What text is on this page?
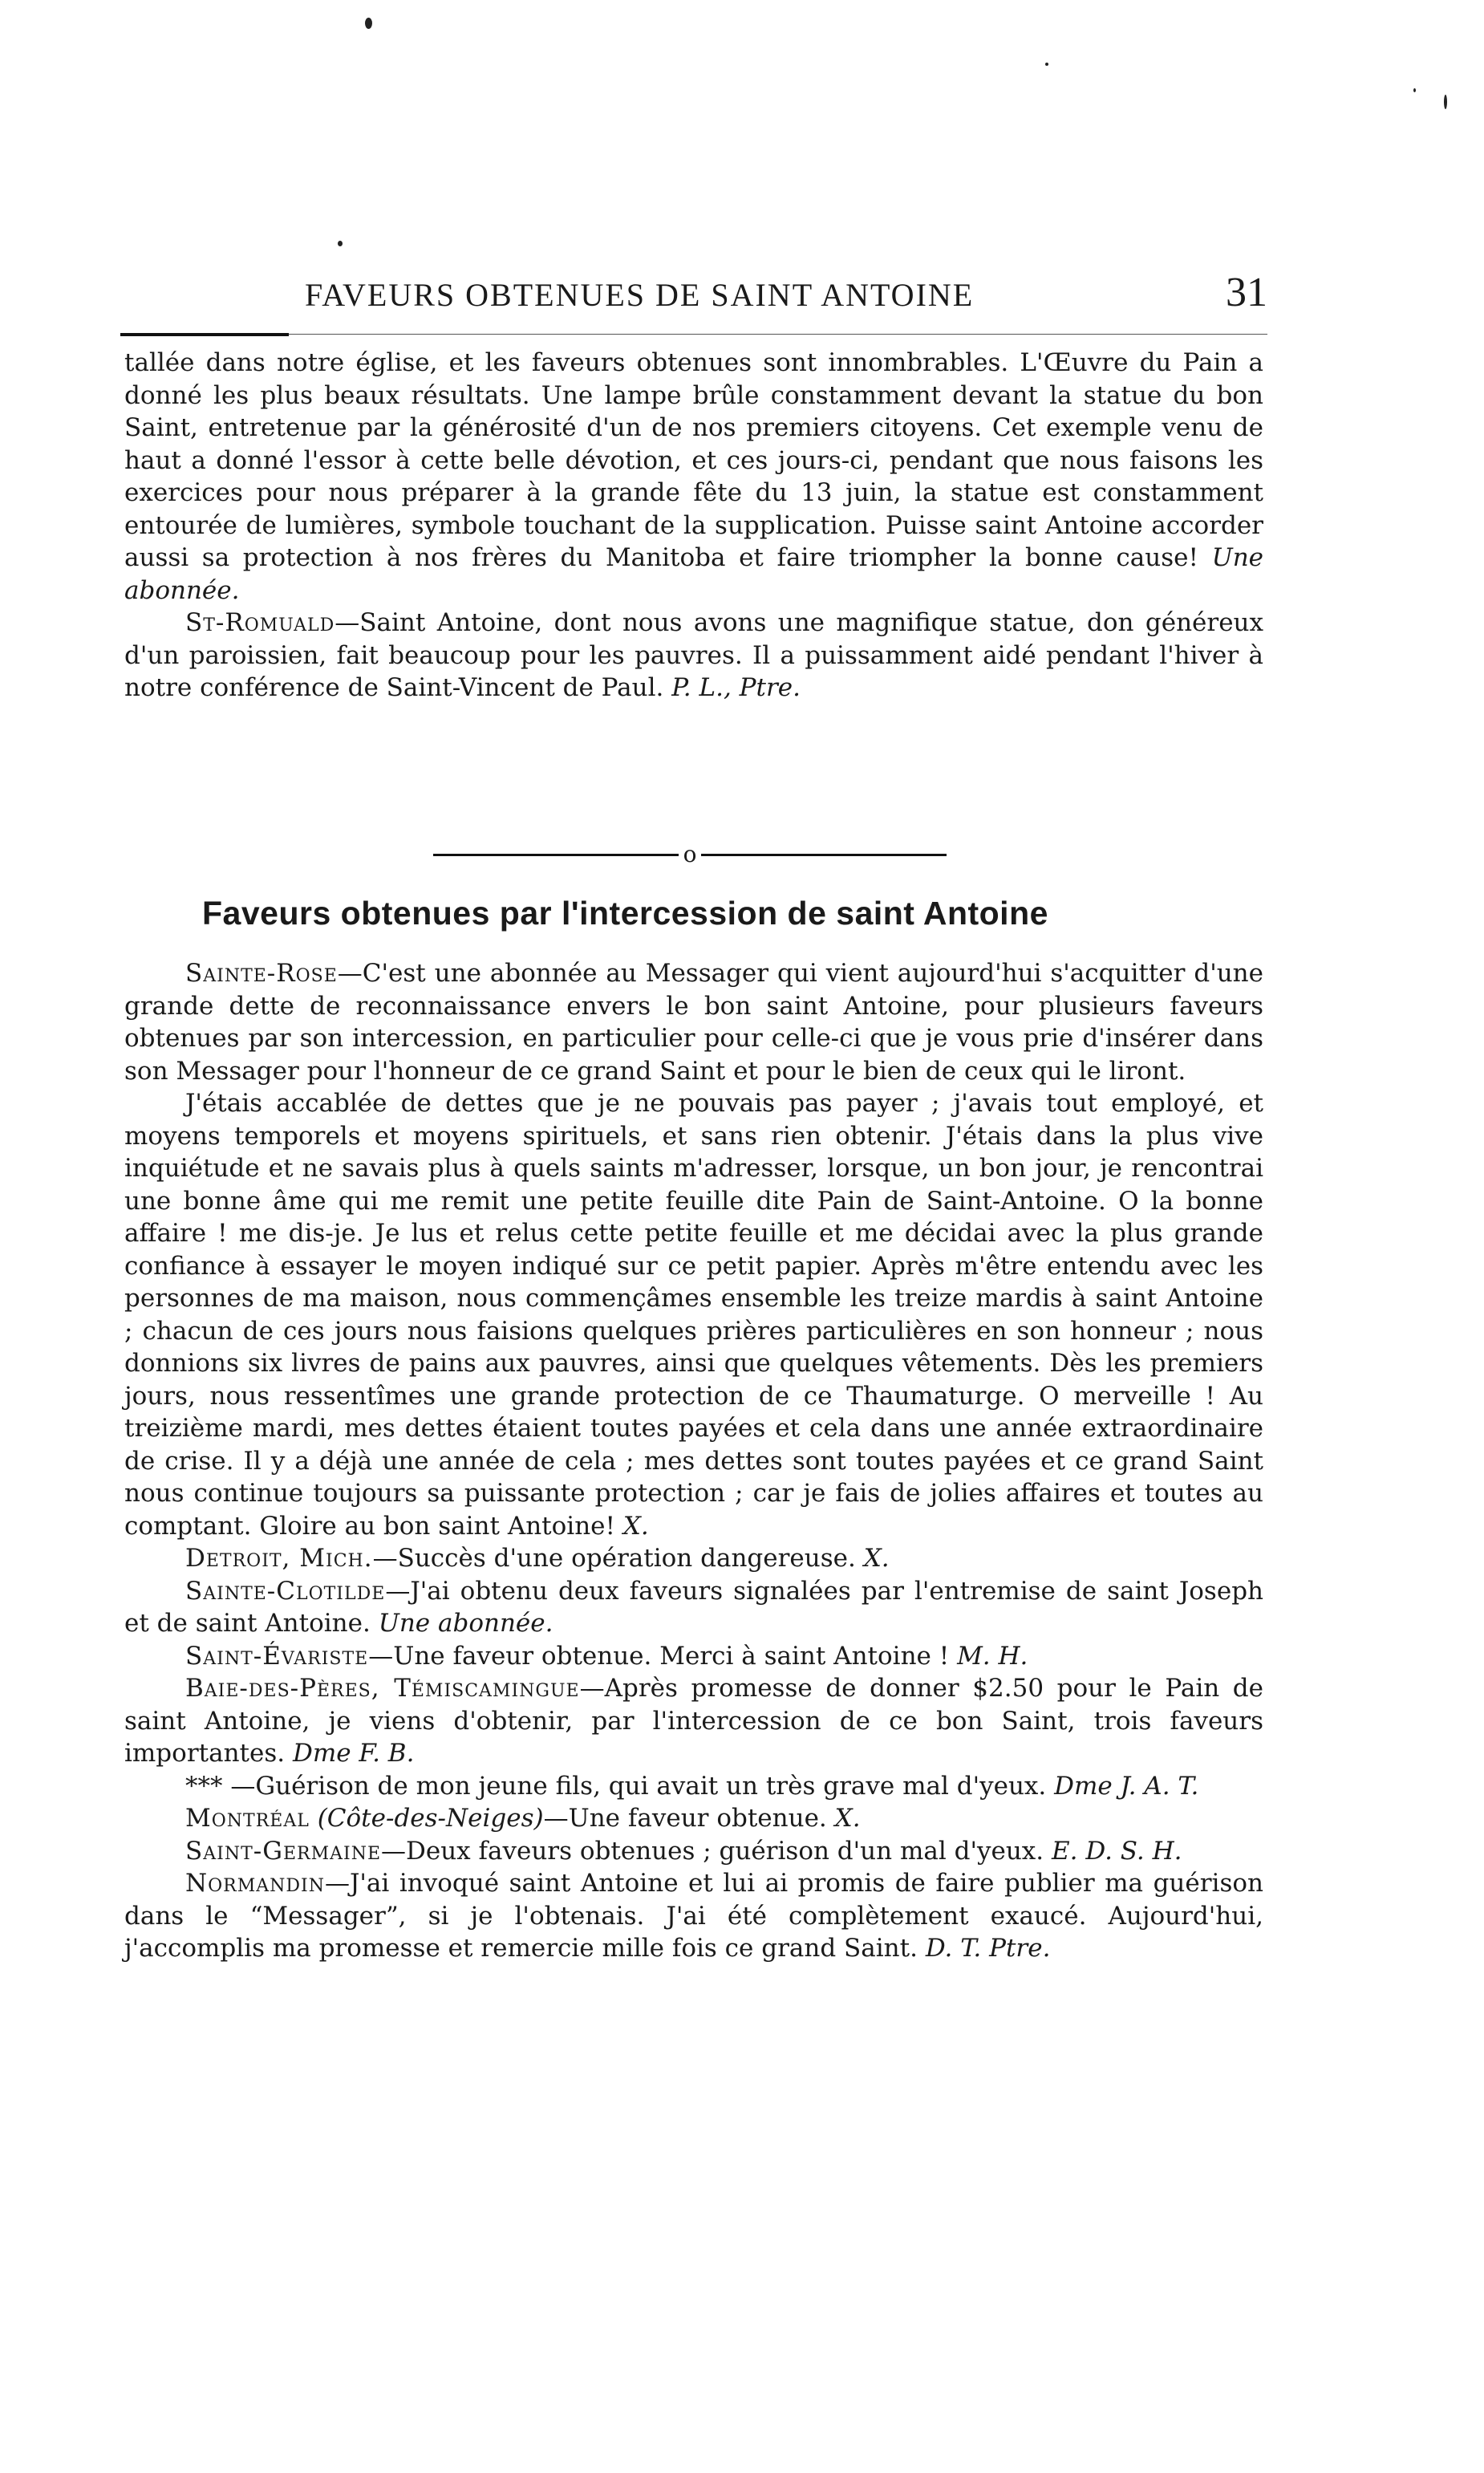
FAVEURS OBTENUES DE SAINT ANTOINE	31

tallée dans notre église, et les faveurs obtenues sont innombrables. L'Œuvre du Pain a donné les plus beaux résultats. Une lampe brûle constamment devant la statue du bon Saint, entretenue par la générosité d'un de nos premiers citoyens. Cet exemple venu de haut a donné l'essor à cette belle dévotion, et ces jours-ci, pendant que nous faisons les exercices pour nous préparer à la grande fête du 13 juin, la statue est constamment entourée de lumières, symbole touchant de la supplication. Puisse saint Antoine accorder aussi sa protection à nos frères du Manitoba et faire triompher la bonne cause! Une abonnée.

St-Romuald—Saint Antoine, dont nous avons une magnifique statue, don généreux d'un paroissien, fait beaucoup pour les pauvres. Il a puissamment aidé pendant l'hiver à notre conférence de Saint-Vincent de Paul. P. L., Ptre.

o
Faveurs obtenues par l'intercession de saint Antoine

Sainte-Rose—C'est une abonnée au Messager qui vient aujourd'hui s'acquitter d'une grande dette de reconnaissance envers le bon saint Antoine, pour plusieurs faveurs obtenues par son intercession, en particulier pour celle-ci que je vous prie d'insérer dans son Messager pour l'honneur de ce grand Saint et pour le bien de ceux qui le liront.

J'étais accablée de dettes que je ne pouvais pas payer ; j'avais tout employé, et moyens temporels et moyens spirituels, et sans rien obtenir. J'étais dans la plus vive inquiétude et ne savais plus à quels saints m'adresser, lorsque, un bon jour, je rencontrai une bonne âme qui me remit une petite feuille dite Pain de Saint-Antoine. O la bonne affaire ! me dis-je. Je lus et relus cette petite feuille et me décidai avec la plus grande confiance à essayer le moyen indiqué sur ce petit papier. Après m'être entendu avec les personnes de ma maison, nous commençâmes ensemble les treize mardis à saint Antoine ; chacun de ces jours nous faisions quelques prières particulières en son honneur ; nous donnions six livres de pains aux pauvres, ainsi que quelques vêtements. Dès les premiers jours, nous ressentîmes une grande protection de ce Thaumaturge. O merveille ! Au treizième mardi, mes dettes étaient toutes payées et cela dans une année extraordinaire de crise. Il y a déjà une année de cela ; mes dettes sont toutes payées et ce grand Saint nous continue toujours sa puissante protection ; car je fais de jolies affaires et toutes au comptant. Gloire au bon saint Antoine! X.

Detroit, Mich.—Succès d'une opération dangereuse. X.

Sainte-Clotilde—J'ai obtenu deux faveurs signalées par l'entremise de saint Joseph et de saint Antoine. Une abonnée.

Saint-Évariste—Une faveur obtenue. Merci à saint Antoine ! M. H.

Baie-des-Pères, Témiscamingue—Après promesse de donner $2.50 pour le Pain de saint Antoine, je viens d'obtenir, par l'intercession de ce bon Saint, trois faveurs importantes. Dme F. B.

*** —Guérison de mon jeune fils, qui avait un très grave mal d'yeux. Dme J. A. T.

Montréal (Côte-des-Neiges)—Une faveur obtenue. X.

Saint-Germaine—Deux faveurs obtenues ; guérison d'un mal d'yeux. E. D. S. H.

Normandin—J'ai invoqué saint Antoine et lui ai promis de faire publier ma guérison dans le “Messager”, si je l'obtenais. J'ai été complètement exaucé. Aujourd'hui, j'accomplis ma promesse et remercie mille fois ce grand Saint. D. T. Ptre.
